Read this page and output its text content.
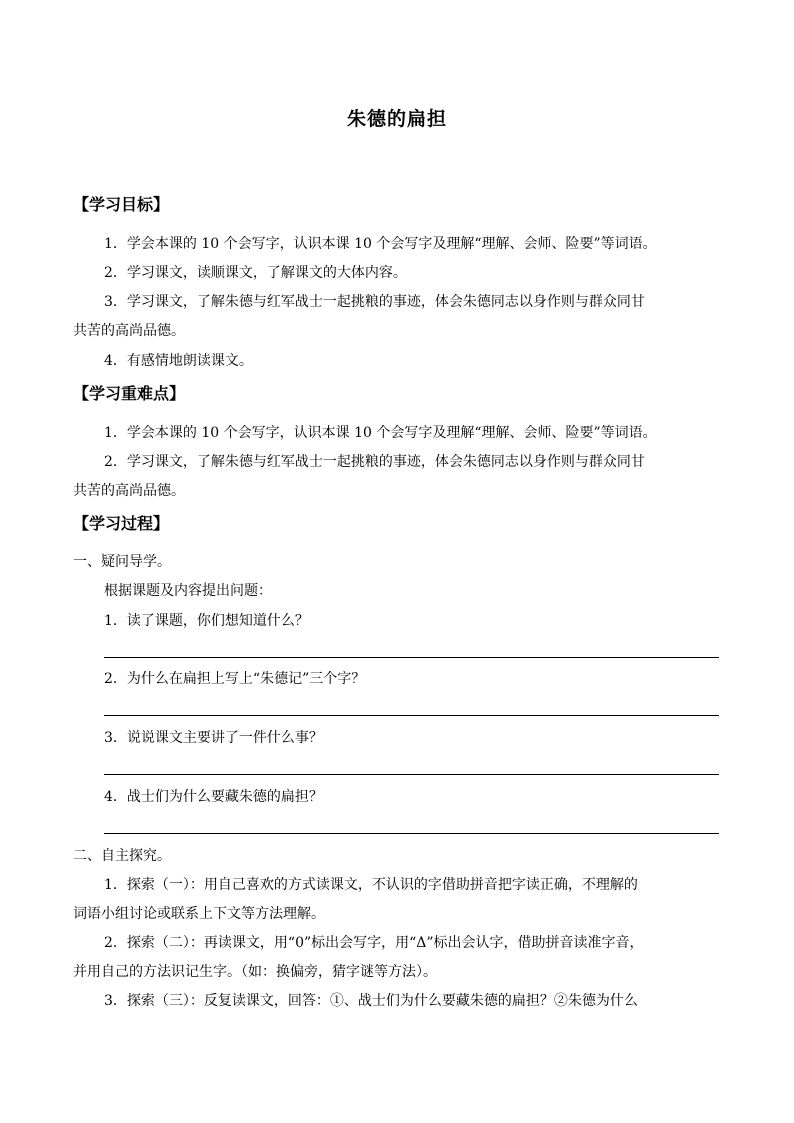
朱德的扁担
【学习目标】
1．学会本课的 10 个会写字，认识本课 10 个会写字及理解“理解、会师、险要”等词语。
2．学习课文，读顺课文，了解课文的大体内容。
3．学习课文，了解朱德与红军战士一起挑粮的事迹，体会朱德同志以身作则与群众同甘
共苦的高尚品德。
4．有感情地朗读课文。
【学习重难点】
1．学会本课的 10 个会写字，认识本课 10 个会写字及理解“理解、会师、险要”等词语。
2．学习课文，了解朱德与红军战士一起挑粮的事迹，体会朱德同志以身作则与群众同甘
共苦的高尚品德。
【学习过程】
一、疑问导学。
根据课题及内容提出问题：
1．读了课题，你们想知道什么？
2．为什么在扁担上写上“朱德记”三个字？
3．说说课文主要讲了一件什么事？
4．战士们为什么要藏朱德的扁担？
二、自主探究。
1．探索（一）：用自己喜欢的方式读课文，不认识的字借助拼音把字读正确，不理解的
词语小组讨论或联系上下文等方法理解。
2．探索（二）：再读课文，用“0”标出会写字，用“Δ”标出会认字，借助拼音读准字音，
并用自己的方法识记生字。（如：换偏旁，猜字谜等方法）。
3．探索（三）：反复读课文，回答：①、战士们为什么要藏朱德的扁担？②朱德为什么
